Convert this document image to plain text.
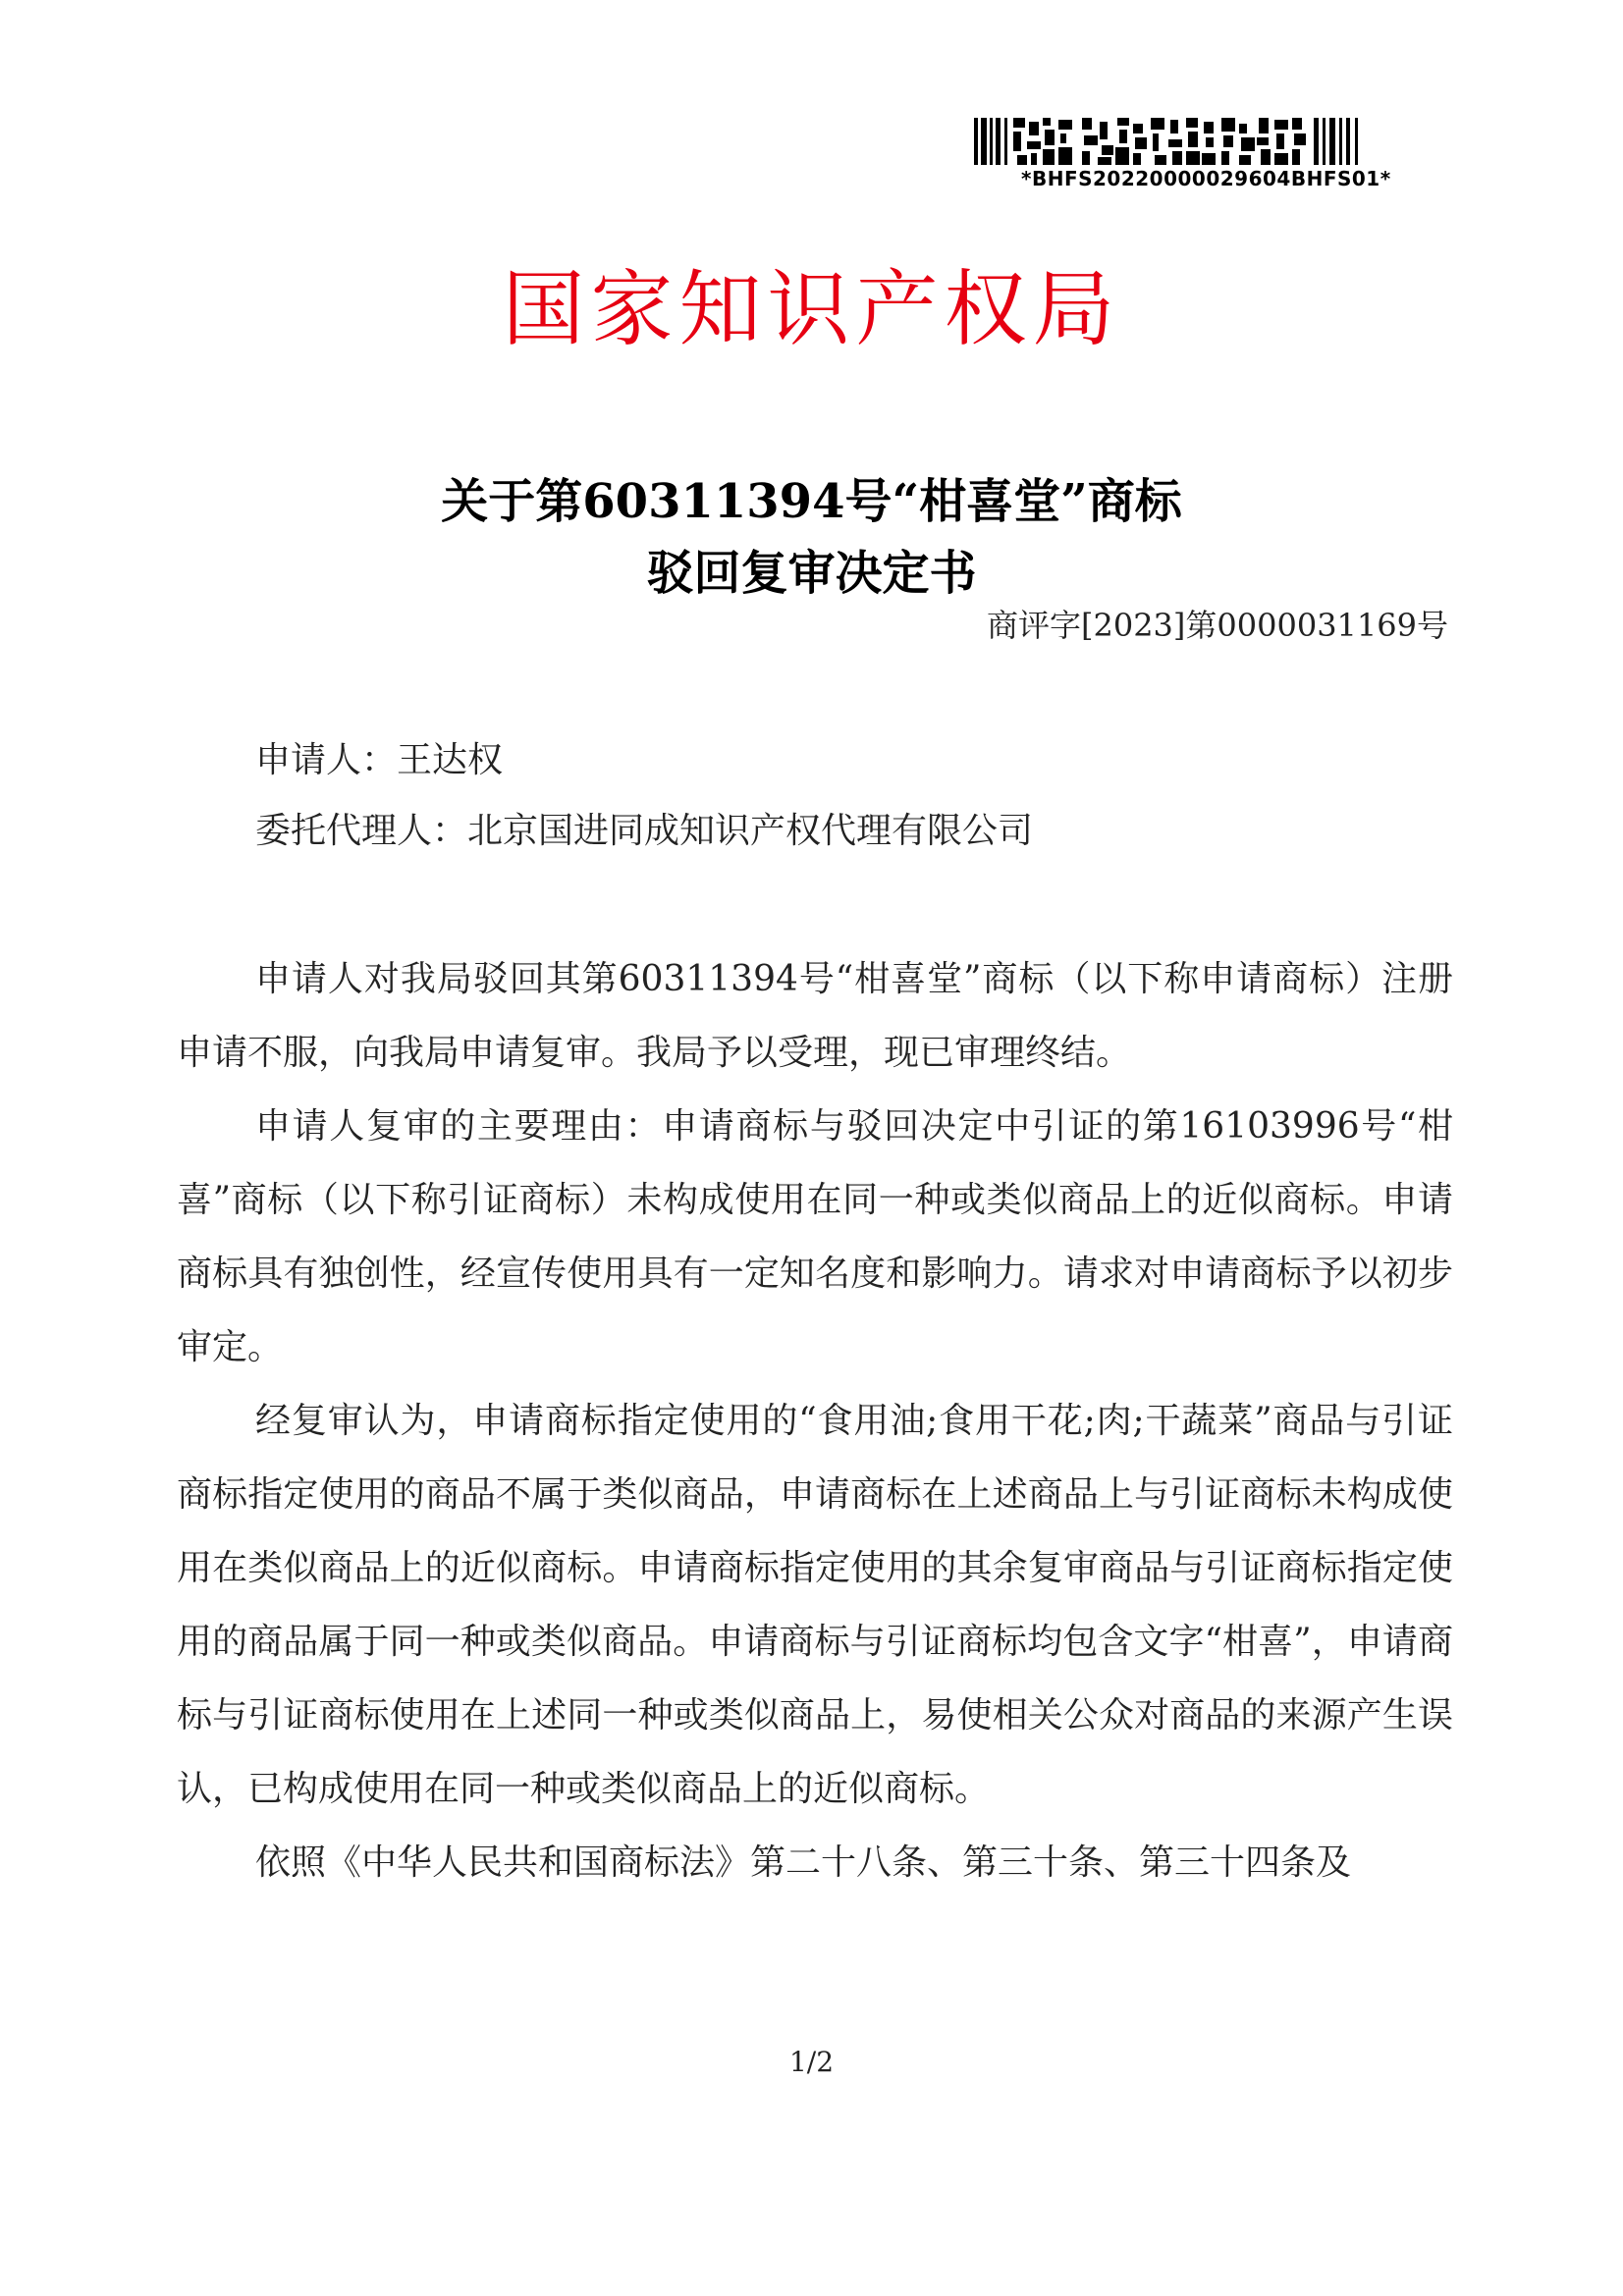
*BHFS20220000029604BHFS01*
国家知识产权局
关于第60311394号“柑喜堂”商标
驳回复审决定书
商评字[2023]第0000031169号
申请人：王达权
委托代理人：北京国进同成知识产权代理有限公司

申请人对我局驳回其第60311394号“柑喜堂”商标（以下称申请商标）注册申请不服，向我局申请复审。我局予以受理，现已审理终结。

申请人复审的主要理由：申请商标与驳回决定中引证的第16103996号“柑喜”商标（以下称引证商标）未构成使用在同一种或类似商品上的近似商标。申请商标具有独创性，经宣传使用具有一定知名度和影响力。请求对申请商标予以初步审定。

经复审认为，申请商标指定使用的“食用油;食用干花;肉;干蔬菜”商品与引证商标指定使用的商品不属于类似商品，申请商标在上述商品上与引证商标未构成使用在类似商品上的近似商标。申请商标指定使用的其余复审商品与引证商标指定使用的商品属于同一种或类似商品。申请商标与引证商标均包含文字“柑喜”，申请商标与引证商标使用在上述同一种或类似商品上，易使相关公众对商品的来源产生误认，已构成使用在同一种或类似商品上的近似商标。

依照《中华人民共和国商标法》第二十八条、第三十条、第三十四条及

1/2
